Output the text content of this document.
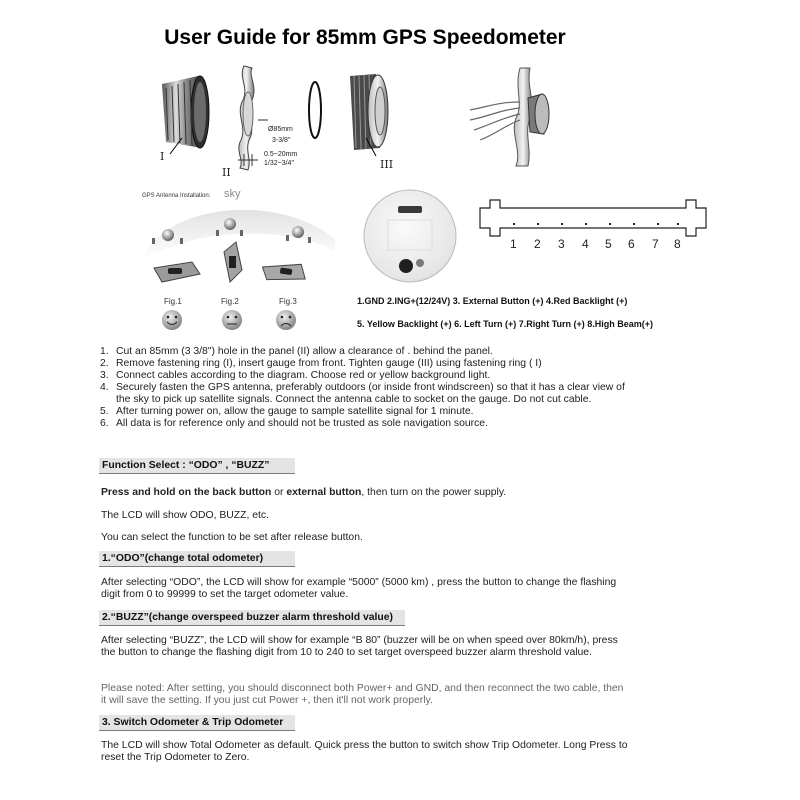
User Guide for 85mm GPS Speedometer
I
II
III
Ø85mm
3-3/8"
0.5~20mm
1/32~3/4"
GPS Antenna Installation: sky
Fig.1	Fig.2	Fig.3
1 2 3 4 5 6 7 8
1.GND 2.ING+(12/24V) 3. External Button (+) 4.Red Backlight (+)
5. Yellow Backlight (+) 6. Left Turn (+) 7.Right Turn (+) 8.High Beam(+)
1. Cut an 85mm (3 3/8") hole in the panel (II) allow a clearance of . behind the panel.
2. Remove fastening ring (I), insert gauge from front. Tighten gauge (III) using fastening ring ( I)
3. Connect cables according to the diagram. Choose red or yellow background light.
4. Securely fasten the GPS antenna, preferably outdoors (or inside front windscreen) so that it has a clear view of the sky to pick up satellite signals. Connect the antenna cable to socket on the gauge. Do not cut cable.
5. After turning power on, allow the gauge to sample satellite signal for 1 minute.
6. All data is for reference only and should not be trusted as sole navigation source.
Function Select : “ODO” , “BUZZ”
Press and hold on the back button or external button, then turn on the power supply.
The LCD will show ODO, BUZZ, etc.
You can select the function to be set after release button.
1.“ODO”(change total odometer)
After selecting “ODO”, the LCD will show for example “5000” (5000 km) , press the button to change the flashing digit from 0 to 99999 to set the target odometer value.
2.“BUZZ”(change overspeed buzzer alarm threshold value)
After selecting “BUZZ”, the LCD will show for example “B 80” (buzzer will be on when speed over 80km/h), press the button to change the flashing digit from 10 to 240 to set target overspeed buzzer alarm threshold value.
Please noted: After setting, you should disconnect both Power+ and GND, and then reconnect the two cable, then it will save the setting. If you just cut Power +, then it'll not work properly.
3. Switch Odometer & Trip Odometer
The LCD will show Total Odometer as default. Quick press the button to switch show Trip Odometer. Long Press to reset the Trip Odometer to Zero.
